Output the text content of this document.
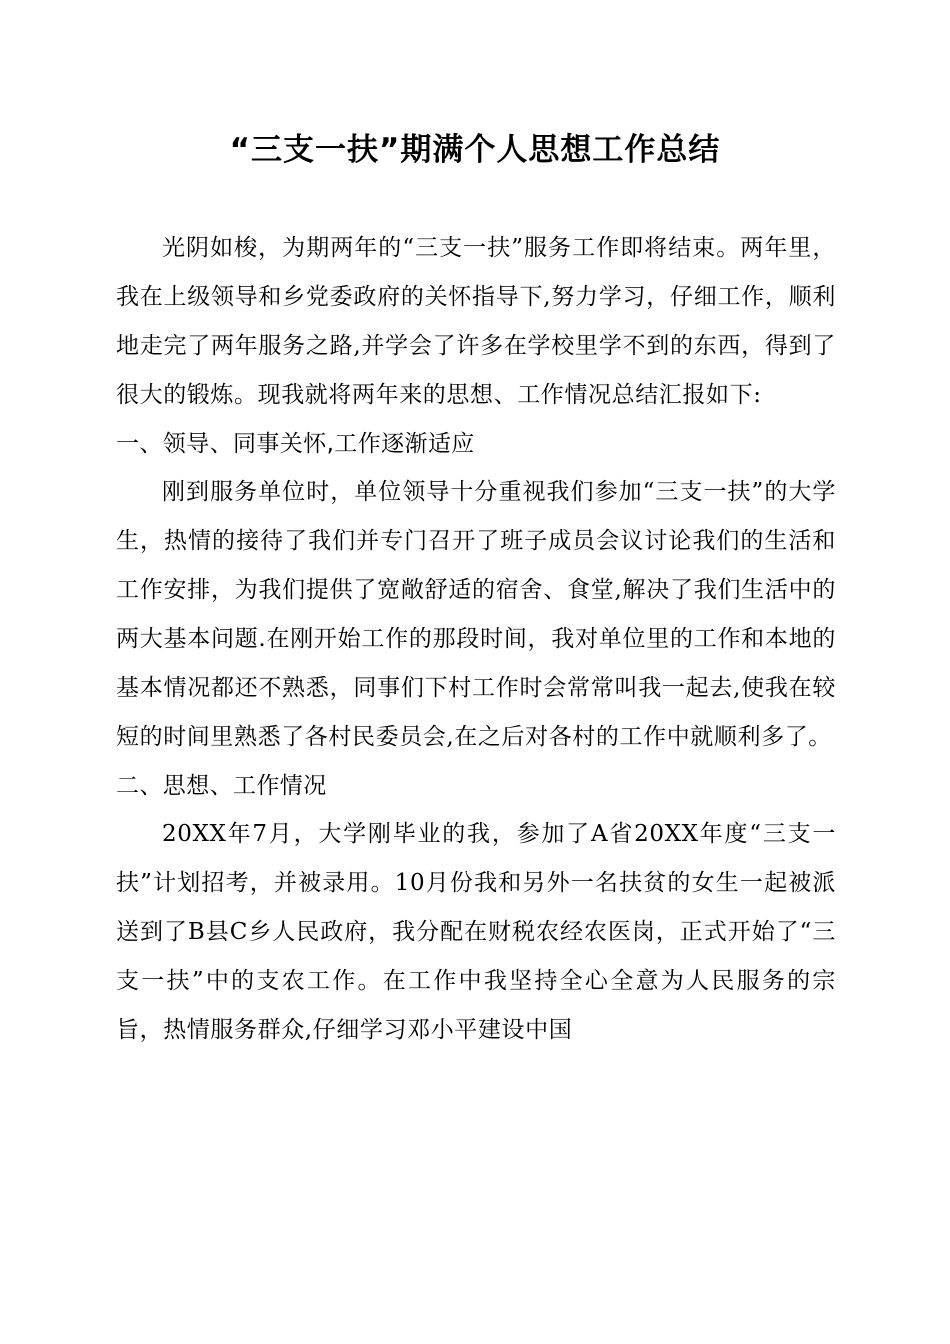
“三支一扶”期满个人思想工作总结

光阴如梭，为期两年的“三支一扶”服务工作即将结束。两年里，我在上级领导和乡党委政府的关怀指导下,努力学习，仔细工作，顺利地走完了两年服务之路,并学会了许多在学校里学不到的东西，得到了很大的锻炼。现我就将两年来的思想、工作情况总结汇报如下:

一、领导、同事关怀,工作逐渐适应

刚到服务单位时，单位领导十分重视我们参加“三支一扶”的大学生，热情的接待了我们并专门召开了班子成员会议讨论我们的生活和工作安排，为我们提供了宽敞舒适的宿舍、食堂,解决了我们生活中的两大基本问题.在刚开始工作的那段时间，我对单位里的工作和本地的基本情况都还不熟悉，同事们下村工作时会常常叫我一起去,使我在较短的时间里熟悉了各村民委员会,在之后对各村的工作中就顺利多了。

二、思想、工作情况

20XX年7月，大学刚毕业的我，参加了A省20XX年度“三支一扶”计划招考，并被录用。10月份我和另外一名扶贫的女生一起被派送到了B县C乡人民政府，我分配在财税农经农医岗，正式开始了“三支一扶”中的支农工作。在工作中我坚持全心全意为人民服务的宗旨，热情服务群众,仔细学习邓小平建设中国
